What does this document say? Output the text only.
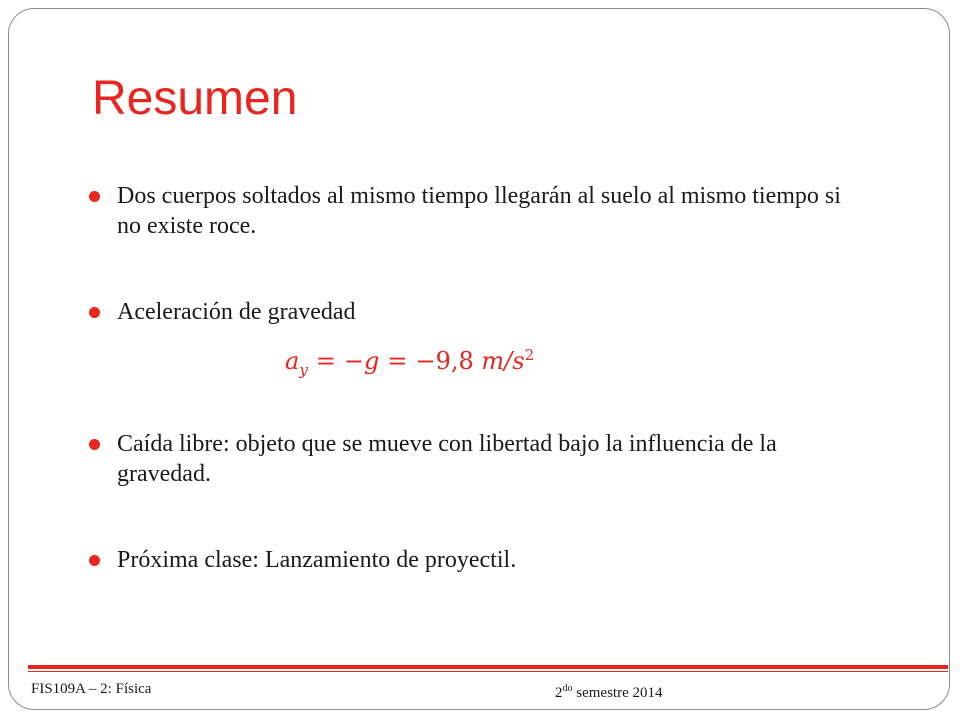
Resumen
Dos cuerpos soltados al mismo tiempo llegarán al suelo al mismo tiempo si no existe roce.
Aceleración de gravedad
Caída libre: objeto que se mueve con libertad bajo la influencia de la gravedad.
Próxima clase: Lanzamiento de proyectil.
$a_y = -g = -9,8$ $m/s^2$
FIS109A – 2: Física	$2^{do}$ semestre 2014
